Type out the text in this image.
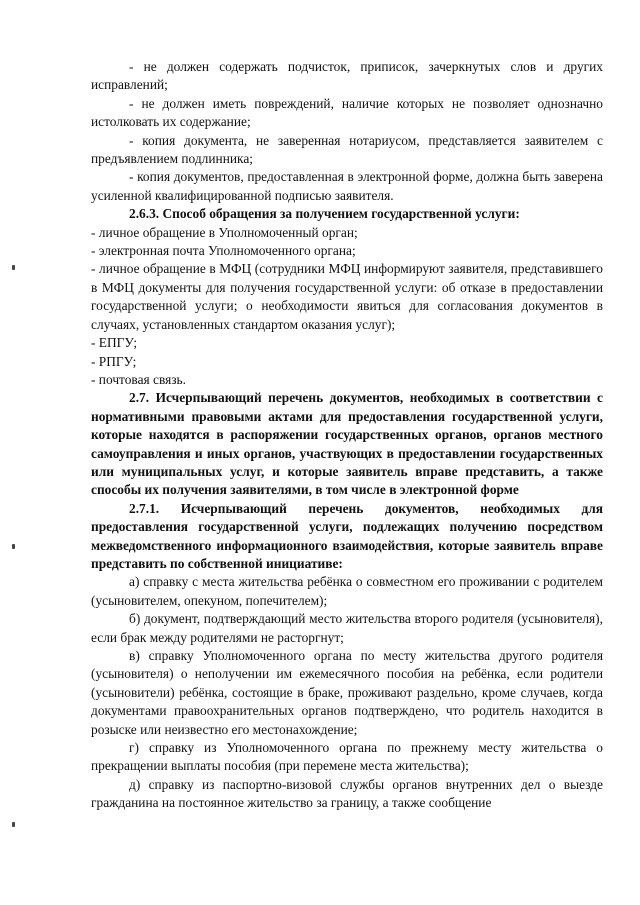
- не должен содержать подчисток, приписок, зачеркнутых слов и других исправлений;

- не должен иметь повреждений, наличие которых не позволяет однозначно истолковать их содержание;

- копия документа, не заверенная нотариусом, представляется заявителем с предъявлением подлинника;

- копия документов, предоставленная в электронной форме, должна быть заверена усиленной квалифицированной подписью заявителя.

2.6.3. Способ обращения за получением государственной услуги:

- личное обращение в Уполномоченный орган;

- электронная почта Уполномоченного органа;

- личное обращение в МФЦ (сотрудники МФЦ информируют заявителя, представившего в МФЦ документы для получения государственной услуги: об отказе в предоставлении государственной услуги; о необходимости явиться для согласования документов в случаях, установленных стандартом оказания услуг);

- ЕПГУ;

- РПГУ;

- почтовая связь.

2.7. Исчерпывающий перечень документов, необходимых в соответствии с нормативными правовыми актами для предоставления государственной услуги, которые находятся в распоряжении государственных органов, органов местного самоуправления и иных органов, участвующих в предоставлении государственных или муниципальных услуг, и которые заявитель вправе представить, а также способы их получения заявителями, в том числе в электронной форме

2.7.1. Исчерпывающий перечень документов, необходимых для предоставления государственной услуги, подлежащих получению посредством межведомственного информационного взаимодействия, которые заявитель вправе представить по собственной инициативе:

а) справку с места жительства ребёнка о совместном его проживании с родителем (усыновителем, опекуном, попечителем);

б) документ, подтверждающий место жительства второго родителя (усыновителя), если брак между родителями не расторгнут;

в) справку Уполномоченного органа по месту жительства другого родителя (усыновителя) о неполучении им ежемесячного пособия на ребёнка, если родители (усыновители) ребёнка, состоящие в браке, проживают раздельно, кроме случаев, когда документами правоохранительных органов подтверждено, что родитель находится в розыске или неизвестно его местонахождение;

г) справку из Уполномоченного органа по прежнему месту жительства о прекращении выплаты пособия (при перемене места жительства);

д) справку из паспортно-визовой службы органов внутренних дел о выезде гражданина на постоянное жительство за границу, а также сообщение
